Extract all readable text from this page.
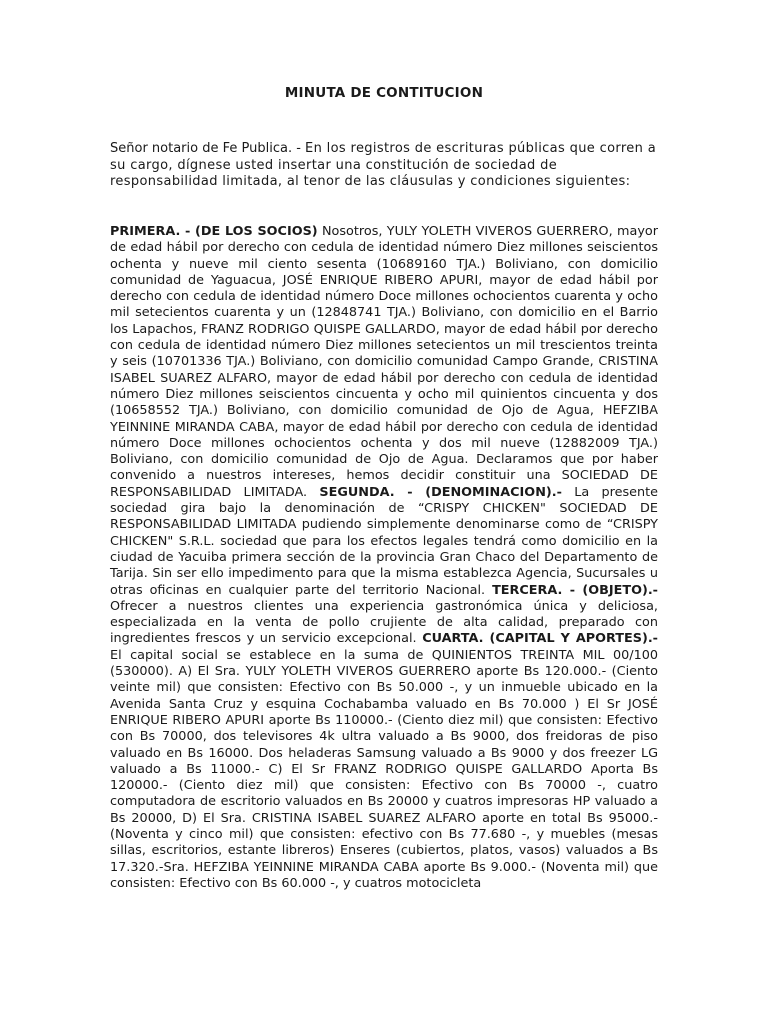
MINUTA DE CONTITUCION

Señor notario de Fe Publica. - En los registros de escrituras públicas que corren a su cargo, dígnese usted insertar una constitución de sociedad de responsabilidad limitada, al tenor de las cláusulas y condiciones siguientes:

PRIMERA. - (DE LOS SOCIOS) Nosotros, YULY YOLETH VIVEROS GUERRERO, mayor de edad hábil por derecho con cedula de identidad número Diez millones seiscientos ochenta y nueve mil ciento sesenta (10689160 TJA.) Boliviano, con domicilio comunidad de Yaguacua, JOSÉ ENRIQUE RIBERO APURI, mayor de edad hábil por derecho con cedula de identidad número Doce millones ochocientos cuarenta y ocho mil setecientos cuarenta y un (12848741 TJA.) Boliviano, con domicilio en el Barrio los Lapachos, FRANZ RODRIGO QUISPE GALLARDO, mayor de edad hábil por derecho con cedula de identidad número Diez millones setecientos un mil trescientos treinta y seis (10701336 TJA.) Boliviano, con domicilio comunidad Campo Grande, CRISTINA ISABEL SUAREZ ALFARO, mayor de edad hábil por derecho con cedula de identidad número Diez millones seiscientos cincuenta y ocho mil quinientos cincuenta y dos (10658552 TJA.) Boliviano, con domicilio comunidad de Ojo de Agua, HEFZIBA YEINNINE MIRANDA CABA, mayor de edad hábil por derecho con cedula de identidad número Doce millones ochocientos ochenta y dos mil nueve (12882009 TJA.) Boliviano, con domicilio comunidad de Ojo de Agua. Declaramos que por haber convenido a nuestros intereses, hemos decidir constituir una SOCIEDAD DE RESPONSABILIDAD LIMITADA. SEGUNDA. - (DENOMINACION).- La presente sociedad gira bajo la denominación de “CRISPY CHICKEN" SOCIEDAD DE RESPONSABILIDAD LIMITADA pudiendo simplemente denominarse como de “CRISPY CHICKEN" S.R.L. sociedad que para los efectos legales tendrá como domicilio en la ciudad de Yacuiba primera sección de la provincia Gran Chaco del Departamento de Tarija. Sin ser ello impedimento para que la misma establezca Agencia, Sucursales u otras oficinas en cualquier parte del territorio Nacional. TERCERA. - (OBJETO).- Ofrecer a nuestros clientes una experiencia gastronómica única y deliciosa, especializada en la venta de pollo crujiente de alta calidad, preparado con ingredientes frescos y un servicio excepcional. CUARTA. (CAPITAL Y APORTES).- El capital social se establece en la suma de QUINIENTOS TREINTA MIL 00/100 (530000). A) El Sra. YULY YOLETH VIVEROS GUERRERO aporte Bs 120.000.- (Ciento veinte mil) que consisten: Efectivo con Bs 50.000 -, y un inmueble ubicado en la Avenida Santa Cruz y esquina Cochabamba valuado en Bs 70.000 ) El Sr JOSÉ ENRIQUE RIBERO APURI aporte Bs 110000.- (Ciento diez mil) que consisten: Efectivo con Bs 70000, dos televisores 4k ultra valuado a Bs 9000, dos freidoras de piso valuado en Bs 16000. Dos heladeras Samsung valuado a Bs 9000 y dos freezer LG valuado a Bs 11000.- C) El Sr FRANZ RODRIGO QUISPE GALLARDO Aporta Bs 120000.- (Ciento diez mil) que consisten: Efectivo con Bs 70000 -, cuatro computadora de escritorio valuados en Bs 20000 y cuatros impresoras HP valuado a Bs 20000, D) El Sra. CRISTINA ISABEL SUAREZ ALFARO aporte en total Bs 95000.- (Noventa y cinco mil) que consisten: efectivo con Bs 77.680 -, y muebles (mesas sillas, escritorios, estante libreros) Enseres (cubiertos, platos, vasos) valuados a Bs 17.320.-Sra. HEFZIBA YEINNINE MIRANDA CABA aporte Bs 9.000.- (Noventa mil) que consisten: Efectivo con Bs 60.000 -, y cuatros motocicleta
